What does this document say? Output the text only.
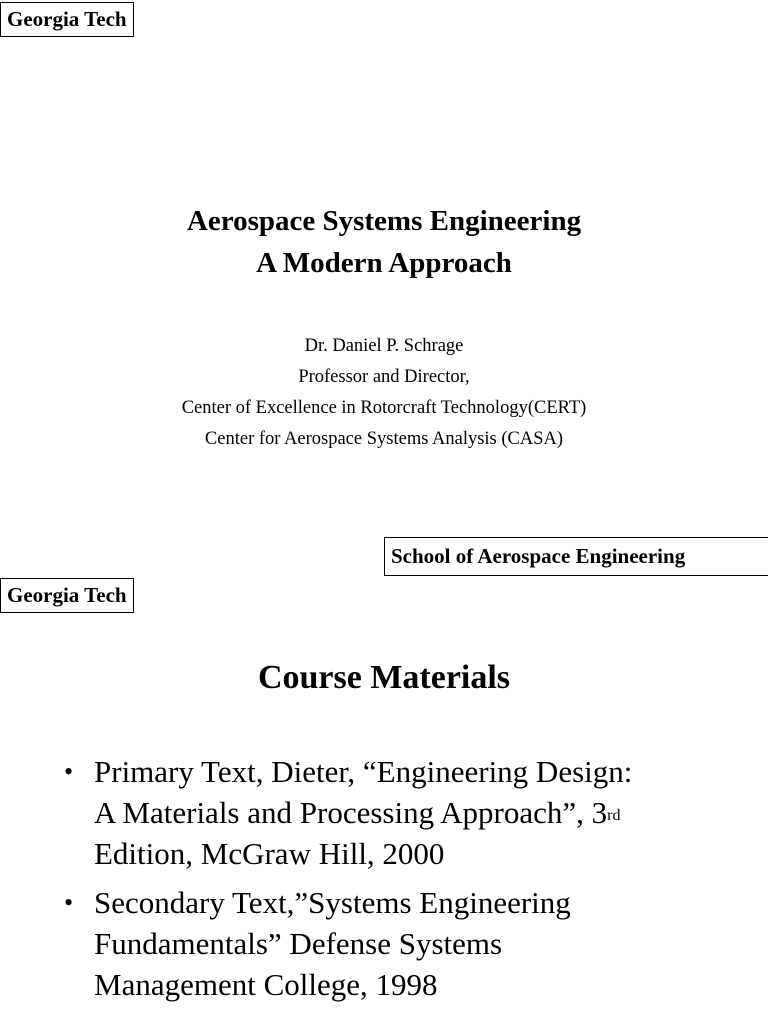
Georgia Tech
Aerospace Systems Engineering
A Modern Approach
Dr. Daniel P. Schrage
Professor and Director,
Center of Excellence in Rotorcraft Technology(CERT)
Center for Aerospace Systems Analysis (CASA)
School of Aerospace Engineering
Georgia Tech
Course Materials
• Primary Text, Dieter, “Engineering Design:
A Materials and Processing Approach”, 3rd
Edition, McGraw Hill, 2000
• Secondary Text,”Systems Engineering
Fundamentals” Defense Systems
Management College, 1998
